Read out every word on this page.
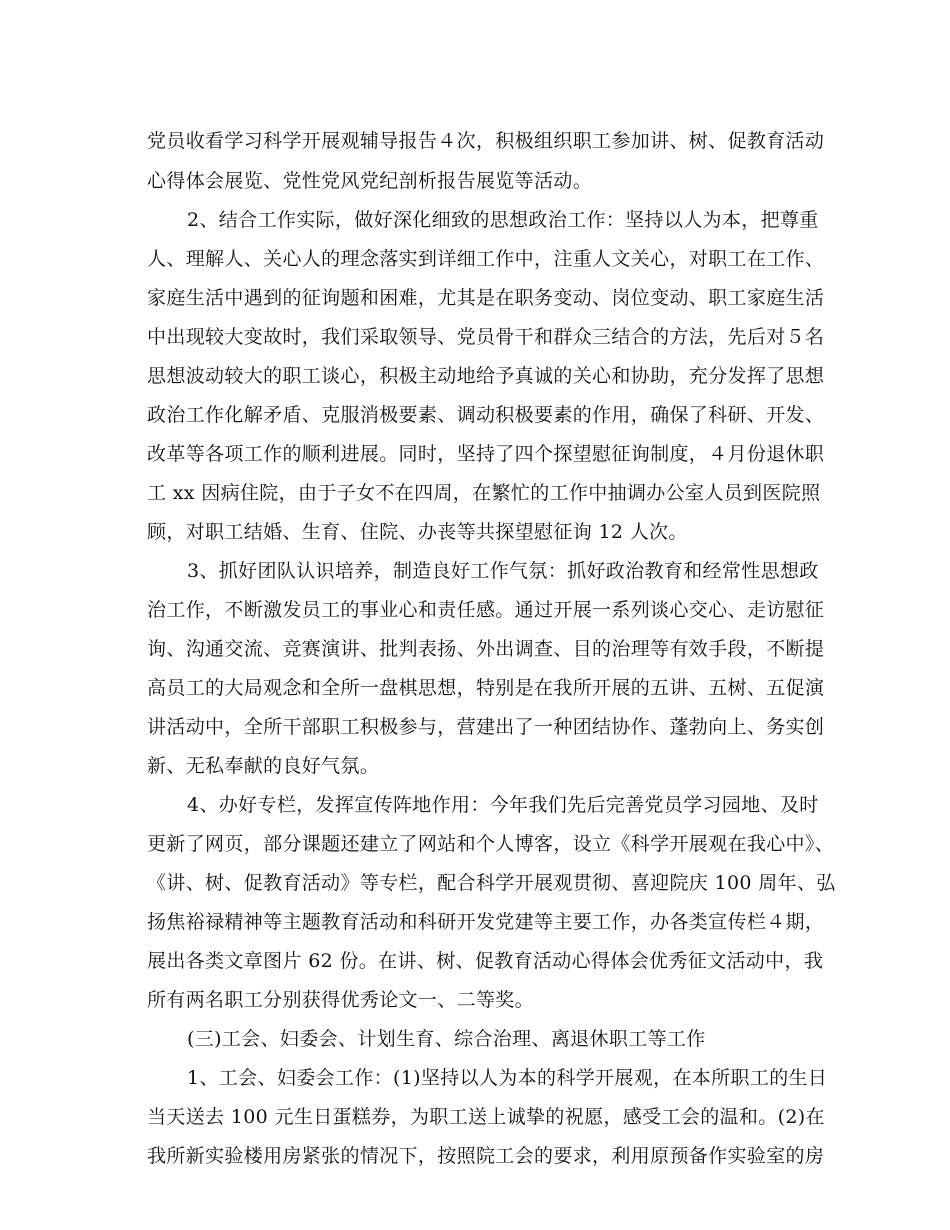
党员收看学习科学开展观辅导报告４次，积极组织职工参加讲、树、促教育活动
心得体会展览、党性党风党纪剖析报告展览等活动。
2、结合工作实际，做好深化细致的思想政治工作：坚持以人为本，把尊重
人、理解人、关心人的理念落实到详细工作中，注重人文关心，对职工在工作、
家庭生活中遇到的征询题和困难，尤其是在职务变动、岗位变动、职工家庭生活
中出现较大变故时，我们采取领导、党员骨干和群众三结合的方法，先后对５名
思想波动较大的职工谈心，积极主动地给予真诚的关心和协助，充分发挥了思想
政治工作化解矛盾、克服消极要素、调动积极要素的作用，确保了科研、开发、
改革等各项工作的顺利进展。同时，坚持了四个探望慰征询制度，４月份退休职
工 xx 因病住院，由于子女不在四周，在繁忙的工作中抽调办公室人员到医院照
顾，对职工结婚、生育、住院、办丧等共探望慰征询 12 人次。
3、抓好团队认识培养，制造良好工作气氛：抓好政治教育和经常性思想政
治工作，不断激发员工的事业心和责任感。通过开展一系列谈心交心、走访慰征
询、沟通交流、竞赛演讲、批判表扬、外出调查、目的治理等有效手段，不断提
高员工的大局观念和全所一盘棋思想，特别是在我所开展的五讲、五树、五促演
讲活动中，全所干部职工积极参与，营建出了一种团结协作、蓬勃向上、务实创
新、无私奉献的良好气氛。
4、办好专栏，发挥宣传阵地作用：今年我们先后完善党员学习园地、及时
更新了网页，部分课题还建立了网站和个人博客，设立《科学开展观在我心中》、
《讲、树、促教育活动》等专栏，配合科学开展观贯彻、喜迎院庆 100 周年、弘
扬焦裕禄精神等主题教育活动和科研开发党建等主要工作，办各类宣传栏４期，
展出各类文章图片 62 份。在讲、树、促教育活动心得体会优秀征文活动中，我
所有两名职工分别获得优秀论文一、二等奖。
(三)工会、妇委会、计划生育、综合治理、离退休职工等工作
1、工会、妇委会工作：(1)坚持以人为本的科学开展观，在本所职工的生日
当天送去 100 元生日蛋糕券，为职工送上诚挚的祝愿，感受工会的温和。(2)在
我所新实验楼用房紧张的情况下，按照院工会的要求，利用原预备作实验室的房
